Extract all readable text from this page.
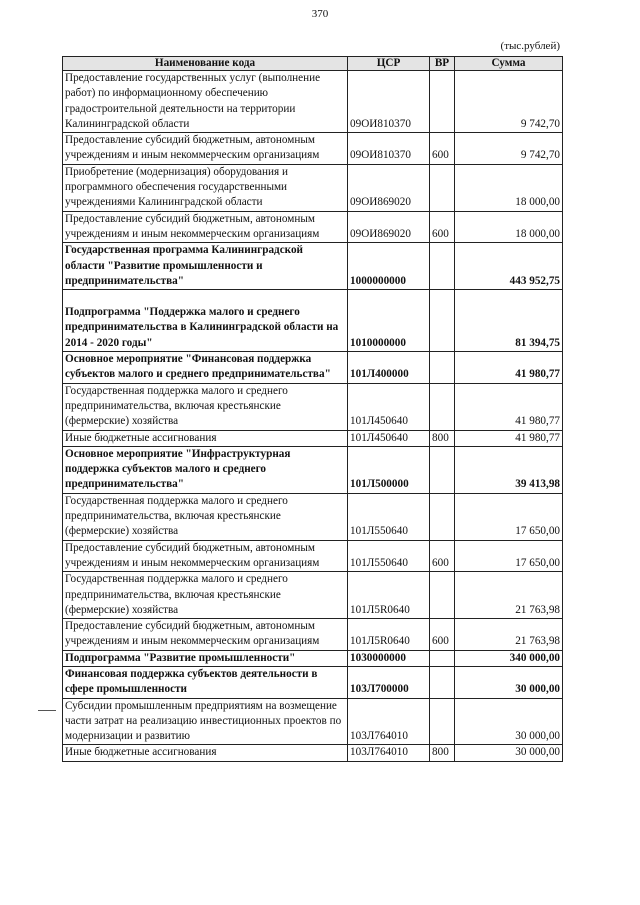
370
(тыс.рублей)
Наименование кода	ЦСР	ВР	Сумма
Предоставление государственных услуг (выполнение работ) по информационному обеспечению градостроительной деятельности на территории Калининградской области	09ОИ810370		9 742,70
Предоставление субсидий бюджетным, автономным учреждениям и иным некоммерческим организациям	09ОИ810370	600	9 742,70
Приобретение (модернизация) оборудования и программного обеспечения государственными учреждениями Калининградской области	09ОИ869020		18 000,00
Предоставление субсидий бюджетным, автономным учреждениям и иным некоммерческим организациям	09ОИ869020	600	18 000,00
Государственная программа Калининградской области "Развитие промышленности и предпринимательства"	1000000000		443 952,75
Подпрограмма "Поддержка малого и среднего предпринимательства в Калининградской области на 2014 - 2020 годы"	1010000000		81 394,75
Основное мероприятие "Финансовая поддержка субъектов малого и среднего предпринимательства"	101Л400000		41 980,77
Государственная поддержка малого и среднего предпринимательства, включая крестьянские (фермерские) хозяйства	101Л450640		41 980,77
Иные бюджетные ассигнования	101Л450640	800	41 980,77
Основное мероприятие "Инфраструктурная поддержка субъектов малого и среднего предпринимательства"	101Л500000		39 413,98
Государственная поддержка малого и среднего предпринимательства, включая крестьянские (фермерские) хозяйства	101Л550640		17 650,00
Предоставление субсидий бюджетным, автономным учреждениям и иным некоммерческим организациям	101Л550640	600	17 650,00
Государственная поддержка малого и среднего предпринимательства, включая крестьянские (фермерские) хозяйства	101Л5R0640		21 763,98
Предоставление субсидий бюджетным, автономным учреждениям и иным некоммерческим организациям	101Л5R0640	600	21 763,98
Подпрограмма "Развитие промышленности"	1030000000		340 000,00
Финансовая поддержка субъектов деятельности в сфере промышленности	103Л700000		30 000,00
Субсидии промышленным предприятиям на возмещение части затрат на реализацию инвестиционных проектов по модернизации и развитию	103Л764010		30 000,00
Иные бюджетные ассигнования	103Л764010	800	30 000,00
